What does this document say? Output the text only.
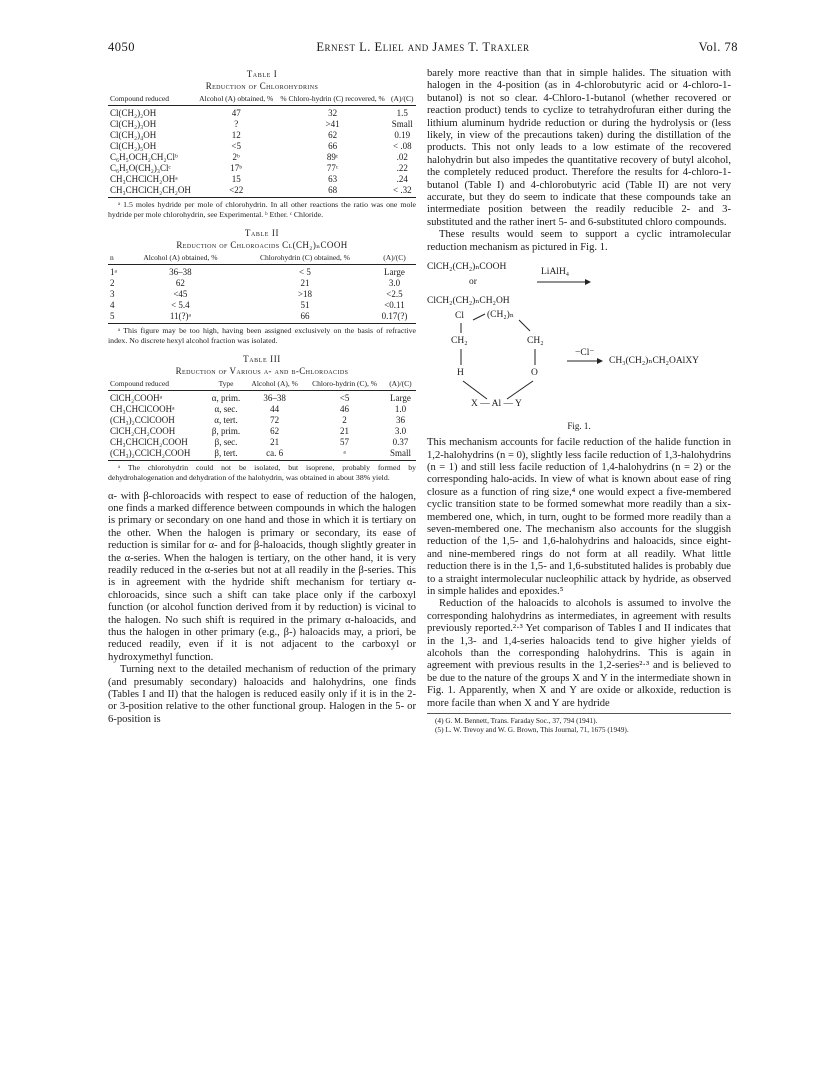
4050	Ernest L. Eliel and James T. Traxler	Vol. 78
Table I
Reduction of Chlorohydrins
Compound reduced	Alcohol (A) obtained, %	% Chloro-hydrin (C) recovered, %	(A)/(C)
Cl(CH₂)₂OH	47	32	1.5
Cl(CH₂)₃OH	?	>41	Small
Cl(CH₂)₄OH	12	62	0.19
Cl(CH₂)₅OH	<5	66	< .08
C₆H₅OCH₂CH₂Clᵇ	2ᵇ	89ᶜ	.02
C₆H₅O(CH₂)₃Clᶜ	17ᵇ	77ᶜ	.22
CH₃CHClCH₂OHᵃ	15	63	.24
CH₃CHClCH₂CH₂OH	<22	68	< .32
ᵃ 1.5 moles hydride per mole of chlorohydrin. In all other reactions the ratio was one mole hydride per mole chlorohydrin, see Experimental. ᵇ Ether. ᶜ Chloride.
Table II
Reduction of Chloroacids Cl(CH₂)ₙCOOH
n	Alcohol (A) obtained, %	Chlorohydrin (C) obtained, %	(A)/(C)
1ᵃ	36–38	< 5	Large
2	62	21	3.0
3	<45	>18	<2.5
4	< 5.4	51	<0.11
5	11(?)ᵃ	66	0.17(?)
ᵃ This figure may be too high, having been assigned exclusively on the basis of refractive index. No discrete hexyl alcohol fraction was isolated.
Table III
Reduction of Various α- and β-Chloroacids
Compound reduced	Type	Alcohol (A), %	Chloro-hydrin (C), %	(A)/(C)
ClCH₂COOHᵃ	α, prim.	36–38	<5	Large
CH₃CHClCOOHᵃ	α, sec.	44	46	1.0
(CH₃)₂CClCOOH	α, tert.	72	2	36
ClCH₂CH₂COOH	β, prim.	62	21	3.0
CH₃CHClCH₂COOH	β, sec.	21	57	0.37
(CH₃)₂CClCH₂COOH	β, tert.	ca. 6	ᵃ	Small
ᵃ The chlorohydrin could not be isolated, but isoprene, probably formed by dehydrohalogenation and dehydration of the halohydrin, was obtained in about 38% yield.

α- with β-chloroacids with respect to ease of reduction of the halogen, one finds a marked difference between compounds in which the halogen is primary or secondary on one hand and those in which it is tertiary on the other. When the halogen is primary or secondary, its ease of reduction is similar for α- and for β-haloacids, though slightly greater in the α-series. When the halogen is tertiary, on the other hand, it is very readily reduced in the α-series but not at all readily in the β-series. This is in agreement with the hydride shift mechanism for tertiary α-chloroacids, since such a shift can take place only if the carboxyl function (or alcohol function derived from it by reduction) is vicinal to the halogen. No such shift is required in the primary α-haloacids, and thus the halogen in other primary (e.g., β-) haloacids may, a priori, be reduced readily, even if it is not adjacent to the carboxyl or hydroxymethyl function.

Turning next to the detailed mechanism of reduction of the primary (and presumably secondary) haloacids and halohydrins, one finds (Tables I and II) that the halogen is reduced easily only if it is in the 2- or 3-position relative to the other functional group. Halogen in the 5- or 6-position is

barely more reactive than that in simple halides. The situation with halogen in the 4-position (as in 4-chlorobutyric acid or 4-chloro-1-butanol) is not so clear. 4-Chloro-1-butanol (whether recovered or reaction product) tends to cyclize to tetrahydrofuran either during the lithium aluminum hydride reduction or during the hydrolysis or (less likely, in view of the precautions taken) during the distillation of the products. This not only leads to a low estimate of the recovered halohydrin but also impedes the quantitative recovery of butyl alcohol, the completely reduced product. Therefore the results for 4-chloro-1-butanol (Table I) and 4-chlorobutyric acid (Table II) are not very accurate, but they do seem to indicate that these compounds take an intermediate position between the readily reducible 2- and 3-substituted and the rather inert 5- and 6-substituted chloro compounds.

These results would seem to support a cyclic intramolecular reduction mechanism as pictured in Fig. 1.

ClCH₂(CH₂)ₙCOOH
or
LiAlH₄
ClCH₂(CH₂)ₙCH₂OH
Cl (CH₂)ₙ
CH₂	CH₂
−Cl⁻
H	O
CH₃(CH₂)ₙCH₂OAlXY
X — Al — Y
Fig. 1.

This mechanism accounts for facile reduction of the halide function in 1,2-halohydrins (n = 0), slightly less facile reduction of 1,3-halohydrins (n = 1) and still less facile reduction of 1,4-halohydrins (n = 2) or the corresponding halo-acids. In view of what is known about ease of ring closure as a function of ring size,⁴ one would expect a five-membered cyclic transition state to be formed somewhat more readily than a six-membered one, which, in turn, ought to be formed more readily than a seven-membered one. The mechanism also accounts for the sluggish reduction of the 1,5- and 1,6-halohydrins and haloacids, since eight- and nine-membered rings do not form at all readily. What little reduction there is in the 1,5- and 1,6-substituted halides is probably due to a straight intermolecular nucleophilic attack by hydride, as observed in simple halides and epoxides.⁵

Reduction of the haloacids to alcohols is assumed to involve the corresponding halohydrins as intermediates, in agreement with results previously reported.²·³ Yet comparison of Tables I and II indicates that in the 1,3- and 1,4-series haloacids tend to give higher yields of alcohols than the corresponding halohydrins. This is again in agreement with previous results in the 1,2-series²·³ and is believed to be due to the nature of the groups X and Y in the intermediate shown in Fig. 1. Apparently, when X and Y are oxide or alkoxide, reduction is more facile than when X and Y are hydride

(4) G. M. Bennett, Trans. Faraday Soc., 37, 794 (1941).
(5) L. W. Trevoy and W. G. Brown, This Journal, 71, 1675 (1949).
